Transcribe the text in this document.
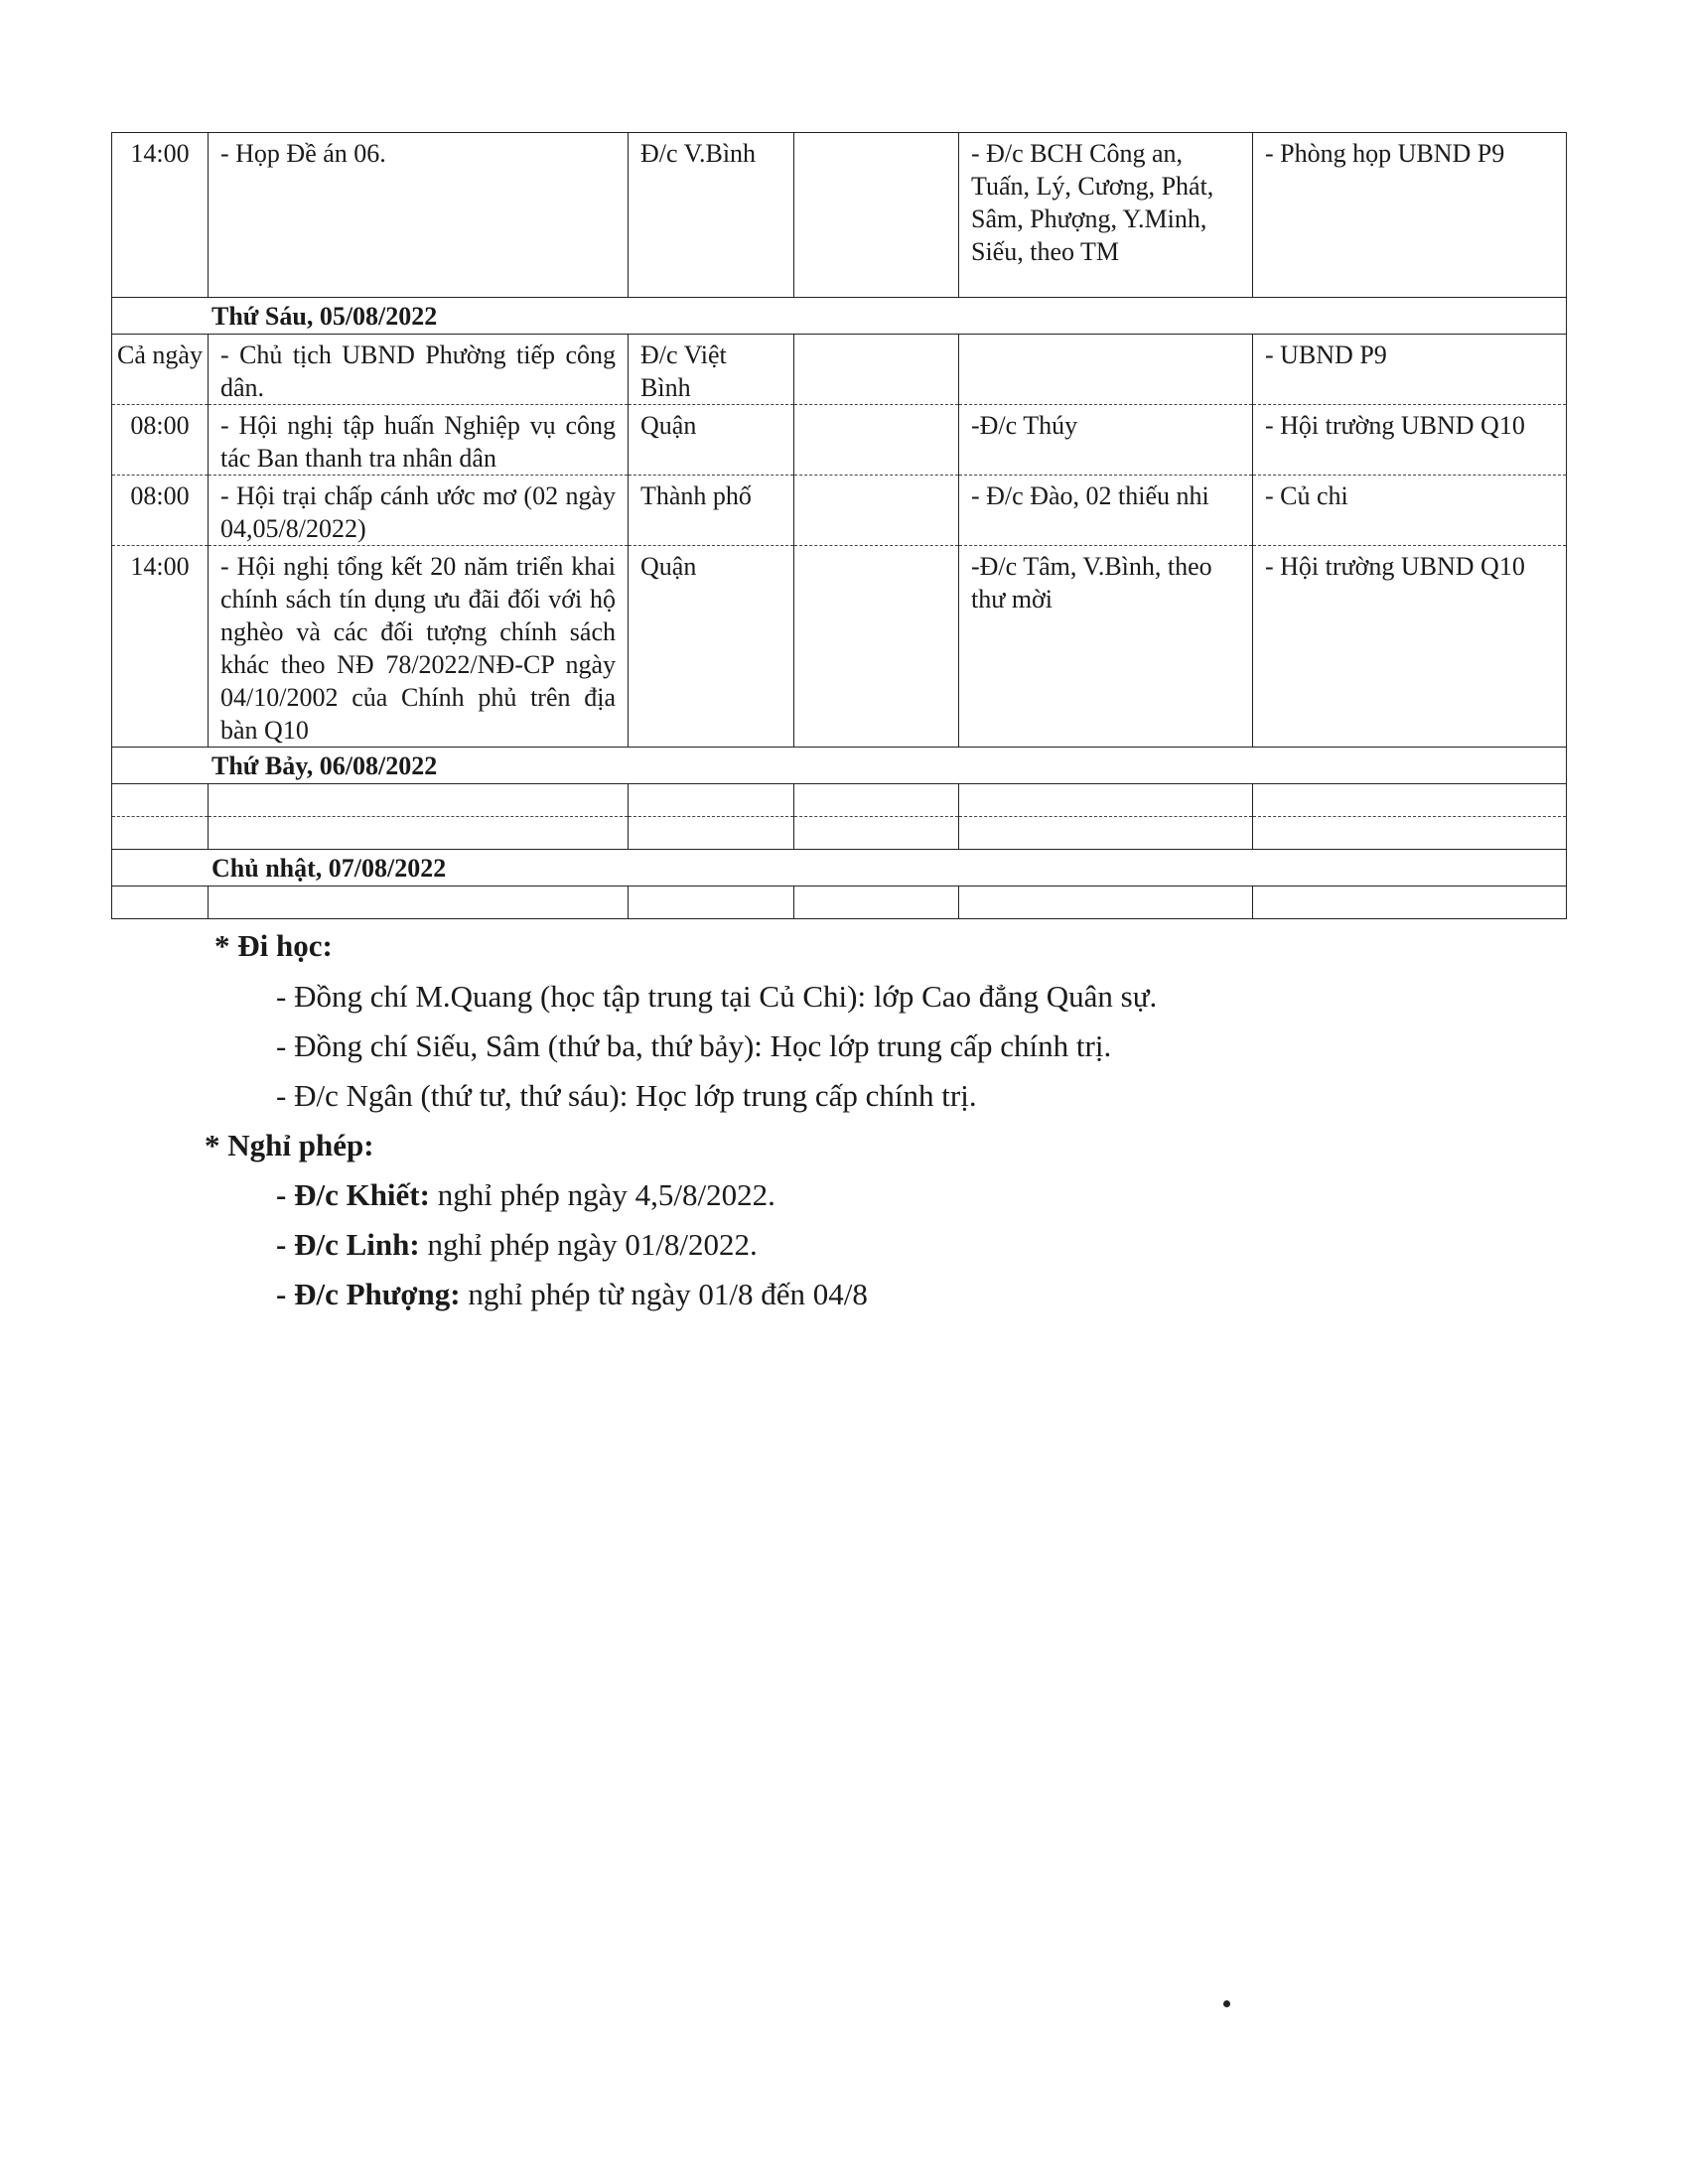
14:00	- Họp Đề án 06.	Đ/c V.Bình		- Đ/c BCH Công an, Tuấn, Lý, Cương, Phát, Sâm, Phượng, Y.Minh, Siếu, theo TM	- Phòng họp UBND P9
Thứ Sáu, 05/08/2022					
Cả ngày	- Chủ tịch UBND Phường tiếp công dân.	Đ/c Việt Bình			- UBND P9
08:00	- Hội nghị tập huấn Nghiệp vụ công tác Ban thanh tra nhân dân	Quận		-Đ/c Thúy	- Hội trường UBND Q10
08:00	- Hội trại chấp cánh ước mơ (02 ngày 04,05/8/2022)	Thành phố		- Đ/c Đào, 02 thiếu nhi	- Củ chi
14:00	- Hội nghị tổng kết 20 năm triển khai chính sách tín dụng ưu đãi đối với hộ nghèo và các đối tượng chính sách khác theo NĐ 78/2022/NĐ-CP ngày 04/10/2002 của Chính phủ trên địa bàn Q10	Quận		-Đ/c Tâm, V.Bình, theo thư mời	- Hội trường UBND Q10
Thứ Bảy, 06/08/2022					

Chủ nhật, 07/08/2022					

* Đi học:
- Đồng chí M.Quang (học tập trung tại Củ Chi): lớp Cao đẳng Quân sự.
- Đồng chí Siếu, Sâm (thứ ba, thứ bảy): Học lớp trung cấp chính trị.
- Đ/c Ngân (thứ tư, thứ sáu): Học lớp trung cấp chính trị.
* Nghỉ phép:
- Đ/c Khiết: nghỉ phép ngày 4,5/8/2022.
- Đ/c Linh: nghỉ phép ngày 01/8/2022.
- Đ/c Phượng: nghỉ phép từ ngày 01/8 đến 04/8
